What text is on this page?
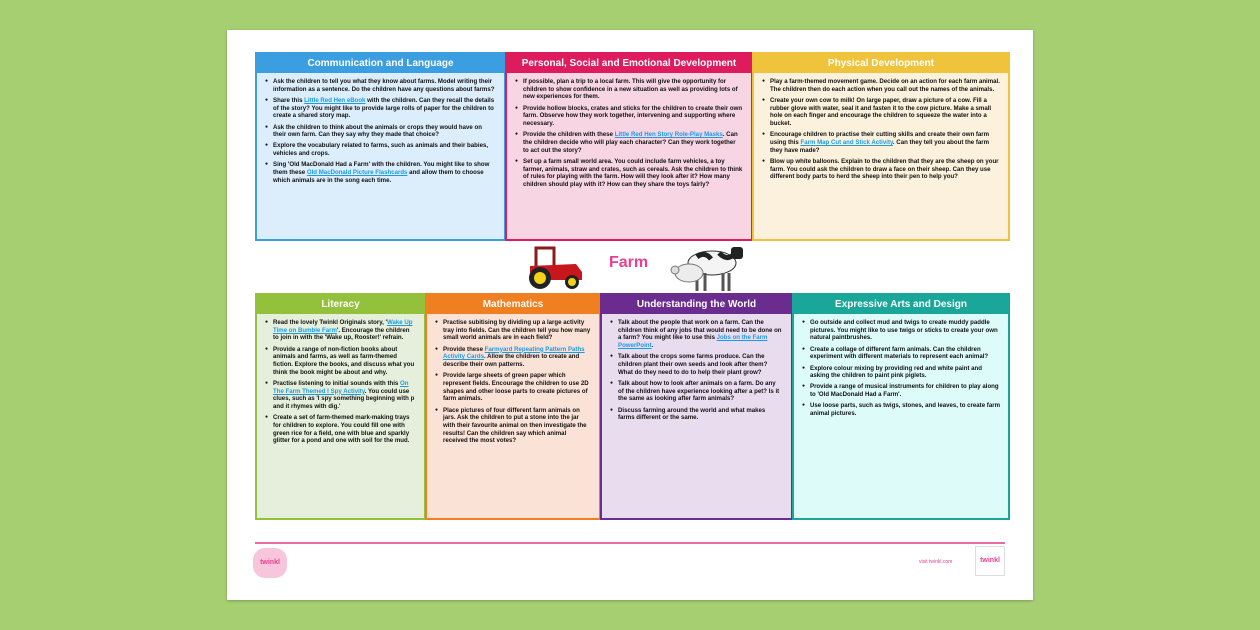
Communication and Language
● Ask the children to tell you what they know about farms. Model writing their information as a sentence. Do the children have any questions about farms?
● Share this Little Red Hen eBook with the children. Can they recall the details of the story? You might like to provide large rolls of paper for the children to create a shared story map.
● Ask the children to think about the animals or crops they would have on their own farm. Can they say why they made that choice?
● Explore the vocabulary related to farms, such as animals and their babies, vehicles and crops.
● Sing 'Old MacDonald Had a Farm' with the children. You might like to show them these Old MacDonald Picture Flashcards and allow them to choose which animals are in the song each time.
Personal, Social and Emotional Development
● If possible, plan a trip to a local farm. This will give the opportunity for children to show confidence in a new situation as well as providing lots of new experiences for them.
● Provide hollow blocks, crates and sticks for the children to create their own farm. Observe how they work together, intervening and supporting where necessary.
● Provide the children with these Little Red Hen Story Role-Play Masks. Can the children decide who will play each character? Can they work together to act out the story?
● Set up a farm small world area. You could include farm vehicles, a toy farmer, animals, straw and crates, such as cereals. Ask the children to think of rules for playing with the farm. How will they look after it? How many children should play with it? How can they share the toys fairly?
Physical Development
● Play a farm-themed movement game. Decide on an action for each farm animal. The children then do each action when you call out the names of the animals.
● Create your own cow to milk! On large paper, draw a picture of a cow. Fill a rubber glove with water, seal it and fasten it to the cow picture. Make a small hole on each finger and encourage the children to squeeze the water into a bucket.
● Encourage children to practise their cutting skills and create their own farm using this Farm Map Cut and Stick Activity. Can they tell you about the farm they have made?
● Blow up white balloons. Explain to the children that they are the sheep on your farm. You could ask the children to draw a face on their sheep. Can they use different body parts to herd the sheep into their pen to help you?
Farm
Literacy
● Read the lovely Twinkl Originals story, 'Wake Up Time on Bumble Farm'. Encourage the children to join in with the 'Wake up, Rooster!' refrain.
● Provide a range of non-fiction books about animals and farms, as well as farm-themed fiction. Explore the books, and discuss what you think the book might be about and why.
● Practise listening to initial sounds with this On The Farm Themed I Spy Activity. You could use clues, such as 'I spy something beginning with p and it rhymes with dig.'
● Create a set of farm-themed mark-making trays for children to explore. You could fill one with green rice for a field, one with blue and sparkly glitter for a pond and one with soil for the mud.
Mathematics
● Practise subitising by dividing up a large activity tray into fields. Can the children tell you how many small world animals are in each field?
● Provide these Farmyard Repeating Pattern Paths Activity Cards. Allow the children to create and describe their own patterns.
● Provide large sheets of green paper which represent fields. Encourage the children to use 2D shapes and other loose parts to create pictures of farm animals.
● Place pictures of four different farm animals on jars. Ask the children to put a stone into the jar with their favourite animal on then investigate the results! Can the children say which animal received the most votes?
Understanding the World
● Talk about the people that work on a farm. Can the children think of any jobs that would need to be done on a farm? You might like to use this Jobs on the Farm PowerPoint.
● Talk about the crops some farms produce. Can the children plant their own seeds and look after them? What do they need to do to help their plant grow?
● Talk about how to look after animals on a farm. Do any of the children have experience looking after a pet? Is it the same as looking after farm animals?
● Discuss farming around the world and what makes farms different or the same.
Expressive Arts and Design
● Go outside and collect mud and twigs to create muddy paddle pictures. You might like to use twigs or sticks to create your own natural paintbrushes.
● Create a collage of different farm animals. Can the children experiment with different materials to represent each animal?
● Explore colour mixing by providing red and white paint and asking the children to paint pink piglets.
● Provide a range of musical instruments for children to play along to 'Old MacDonald Had a Farm'.
● Use loose parts, such as twigs, stones, and leaves, to create farm animal pictures.
twinkl	visit twinkl.com	twinkl
